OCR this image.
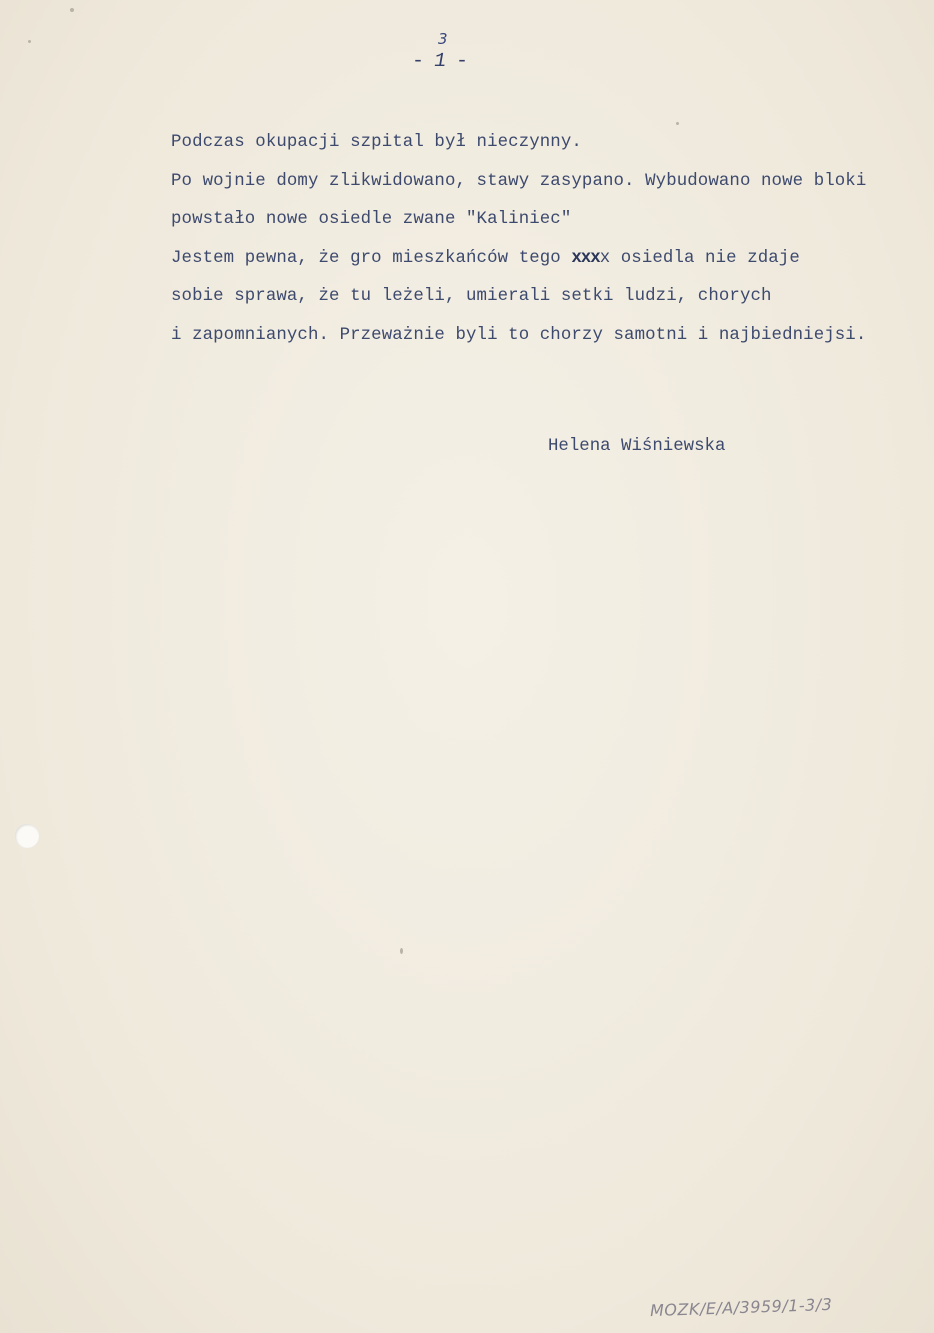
- 1
3
-
Podczas okupacji szpital był nieczynny.
Po wojnie domy zlikwidowano, stawy zasypano. Wybudowano nowe bloki
powstało nowe osiedle zwane "Kaliniec"
Jestem pewna, że gro mieszkańców tego xxxx osiedla nie zdaje
sobie sprawa, że tu leżeli, umierali setki ludzi, chorych
i zapomnianych. Przeważnie byli to chorzy samotni i najbiedniejsi.
Helena Wiśniewska
MOZK/E/A/3959/1-3/3
